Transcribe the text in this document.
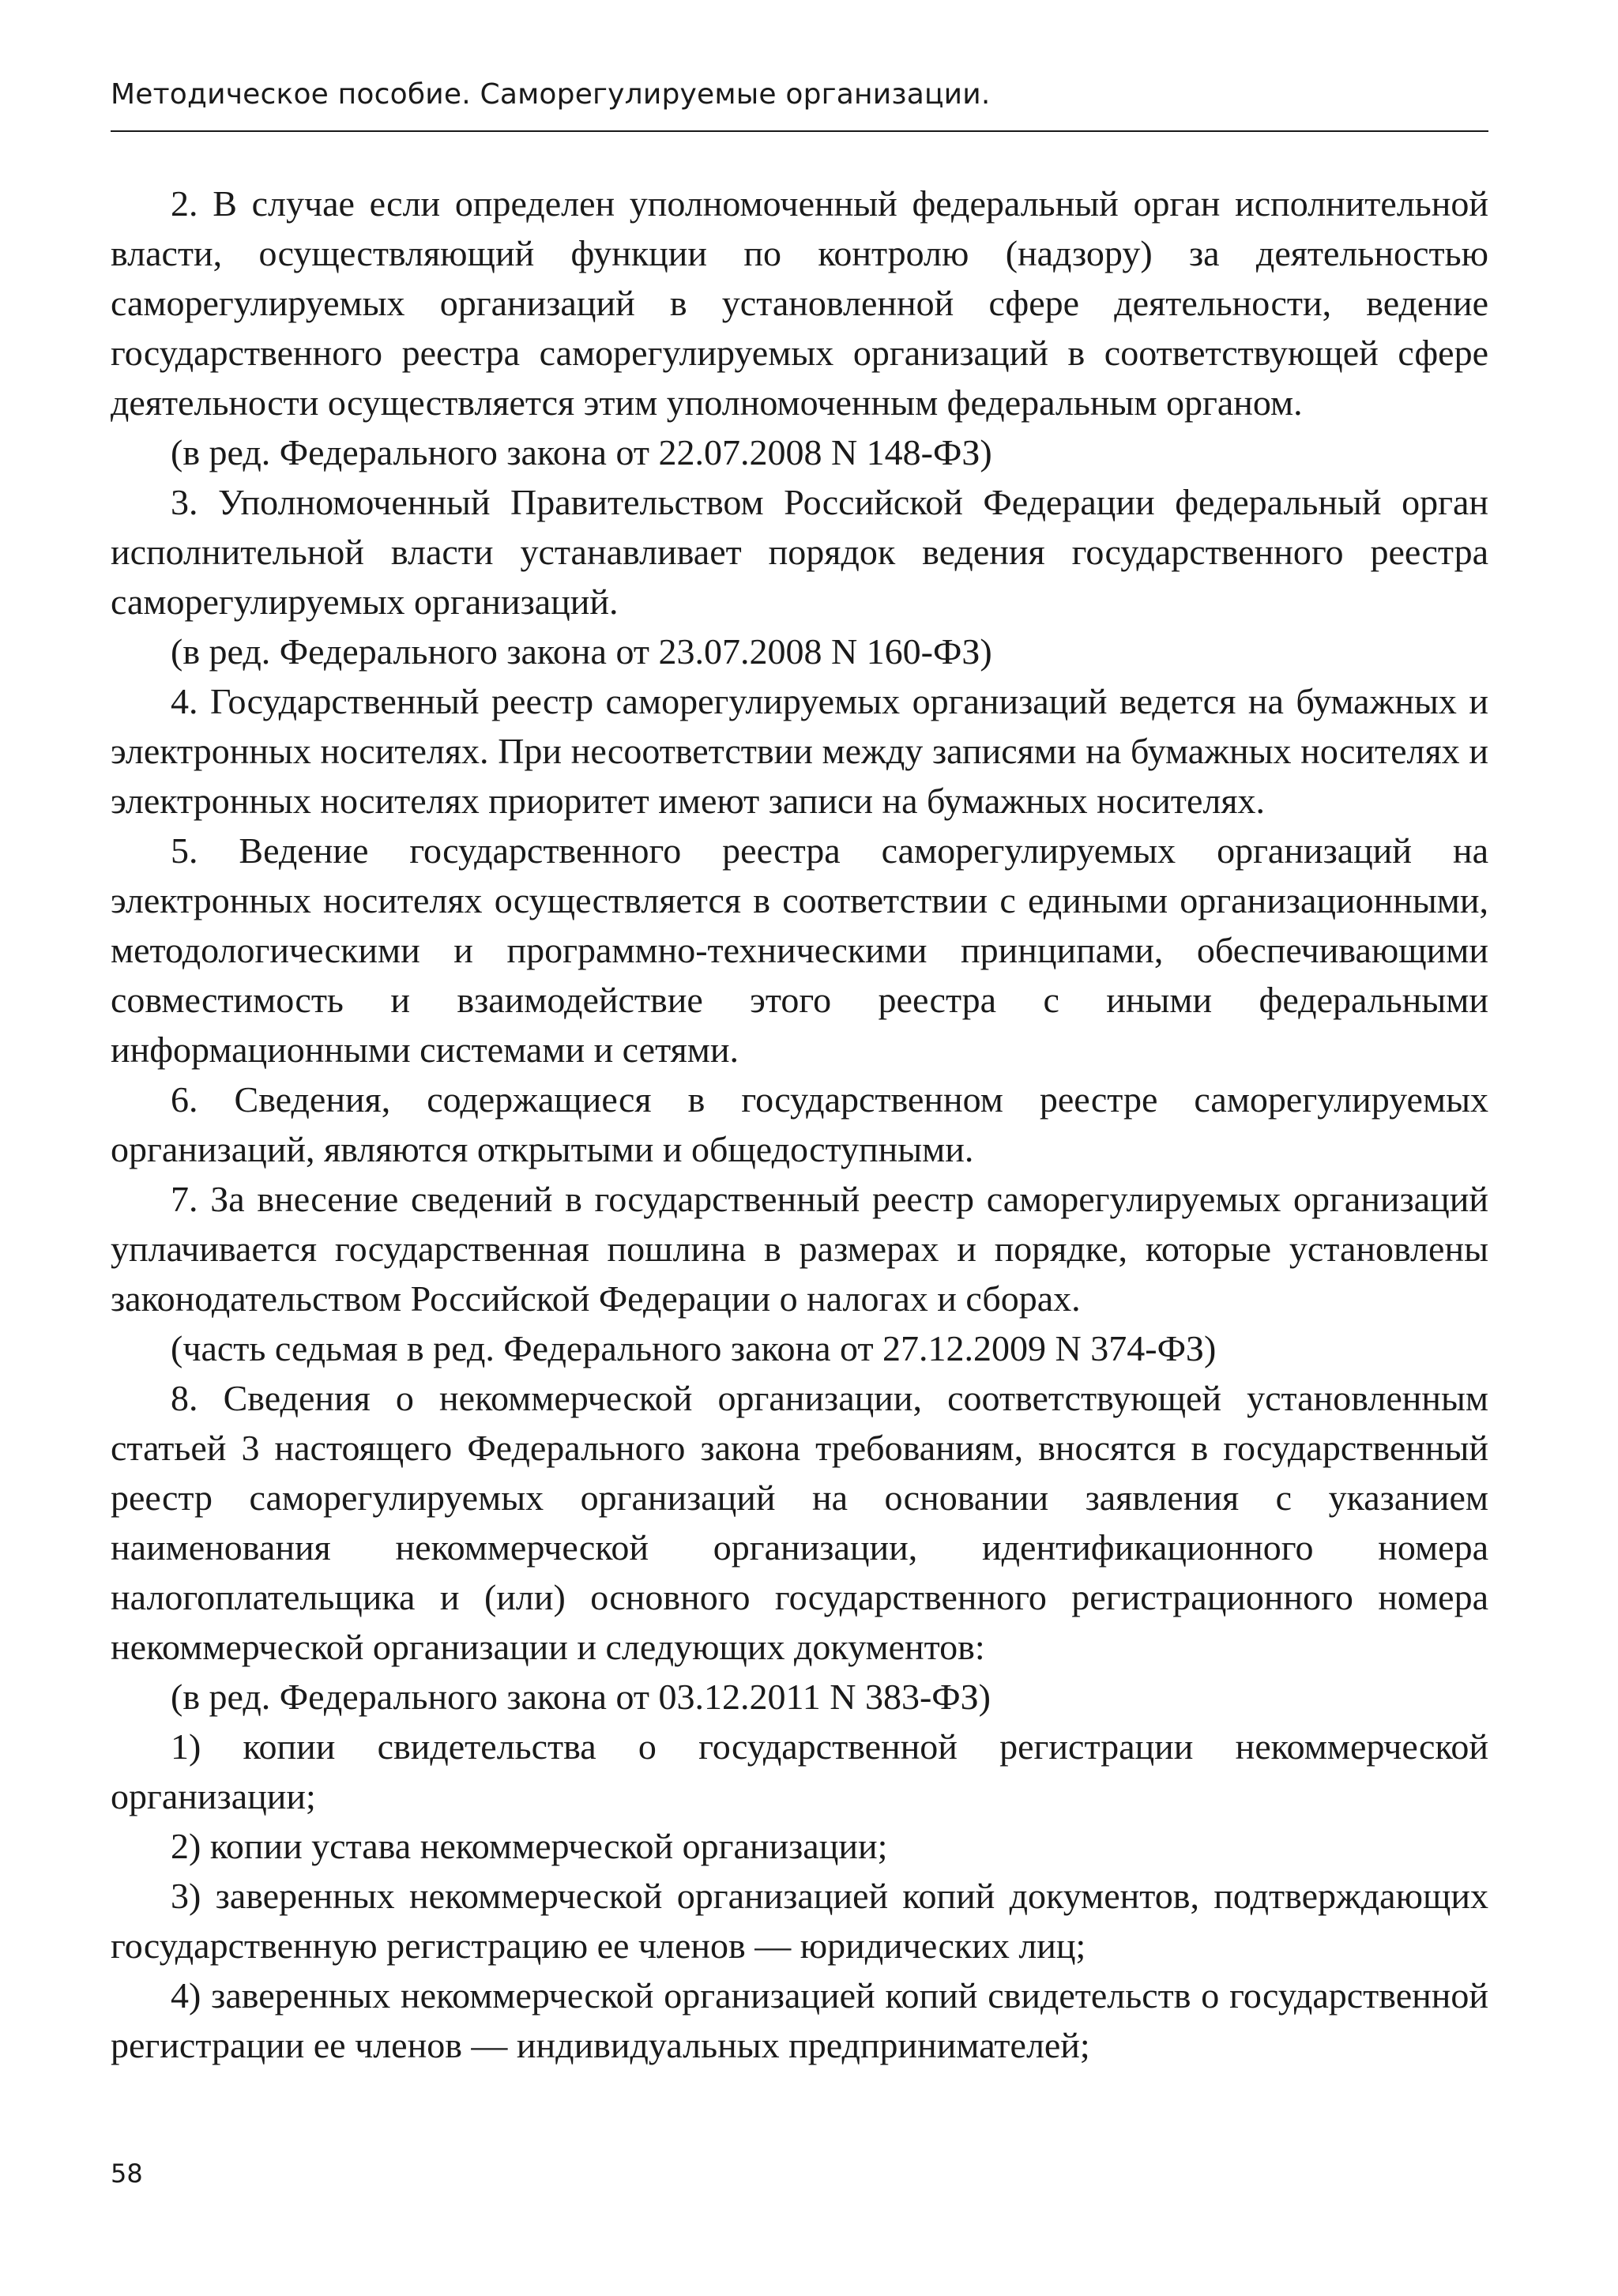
Методическое пособие. Саморегулируемые организации.

2. В случае если определен уполномоченный федеральный орган исполнительной власти, осуществляющий функции по контролю (надзору) за деятельностью саморегулируемых организаций в установленной сфере деятельности, ведение государственного реестра саморегулируемых организаций в соответствующей сфере деятельности осуществляется этим уполномоченным федеральным органом.

(в ред. Федерального закона от 22.07.2008 N 148-ФЗ)

3. Уполномоченный Правительством Российской Федерации федеральный орган исполнительной власти устанавливает порядок ведения государственного реестра саморегулируемых организаций.

(в ред. Федерального закона от 23.07.2008 N 160-ФЗ)

4. Государственный реестр саморегулируемых организаций ведется на бумажных и электронных носителях. При несоответствии между записями на бумажных носителях и электронных носителях приоритет имеют записи на бумажных носителях.

5. Ведение государственного реестра саморегулируемых организаций на электронных носителях осуществляется в соответствии с едиными организационными, методологическими и программно-техническими принципами, обеспечивающими совместимость и взаимодействие этого реестра с иными федеральными информационными системами и сетями.

6. Сведения, содержащиеся в государственном реестре саморегулируемых организаций, являются открытыми и общедоступными.

7. За внесение сведений в государственный реестр саморегулируемых организаций уплачивается государственная пошлина в размерах и порядке, которые установлены законодательством Российской Федерации о налогах и сборах.

(часть седьмая в ред. Федерального закона от 27.12.2009 N 374-ФЗ)

8. Сведения о некоммерческой организации, соответствующей установленным статьей 3 настоящего Федерального закона требованиям, вносятся в государственный реестр саморегулируемых организаций на основании заявления с указанием наименования некоммерческой организации, идентификационного номера налогоплательщика и (или) основного государственного регистрационного номера некоммерческой организации и следующих документов:

(в ред. Федерального закона от 03.12.2011 N 383-ФЗ)

1) копии свидетельства о государственной регистрации некоммерческой организации;

2) копии устава некоммерческой организации;

3) заверенных некоммерческой организацией копий документов, подтверждающих государственную регистрацию ее членов — юридических лиц;

4) заверенных некоммерческой организацией копий свидетельств о государственной регистрации ее членов — индивидуальных предпринимателей;

58
